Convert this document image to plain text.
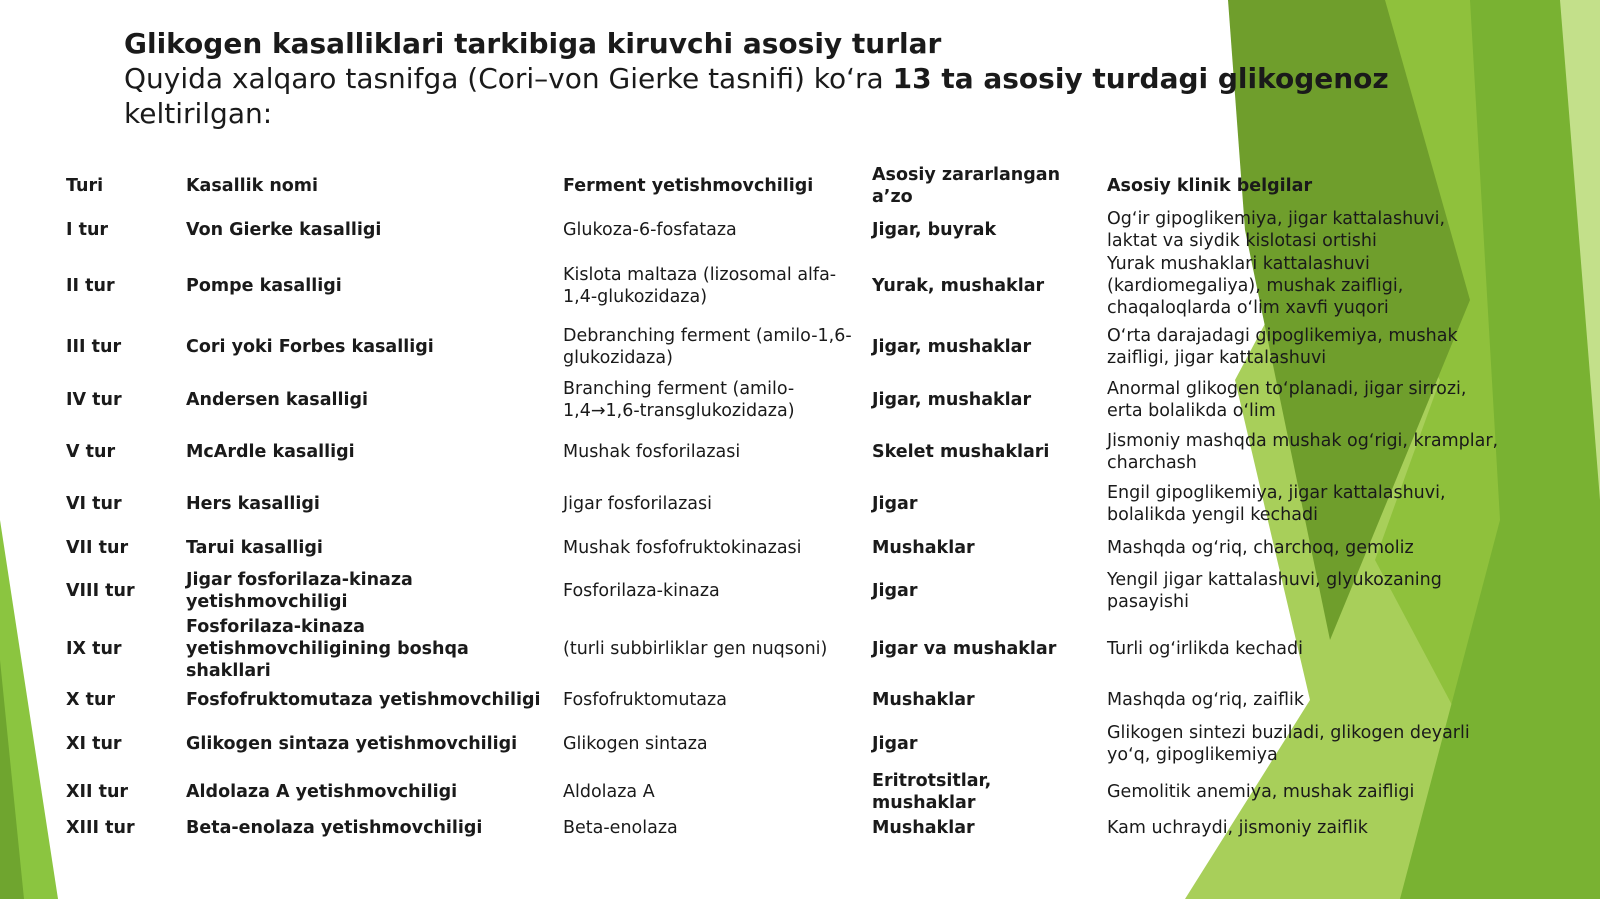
Glikogen kasalliklari tarkibiga kiruvchi asosiy turlar
Quyida xalqaro tasnifga (Cori–von Gierke tasnifi) koʻra 13 ta asosiy turdagi glikogenoz keltirilgan:
Turi	Kasallik nomi	Ferment yetishmovchiligi	Asosiy zararlangan aʼzo	Asosiy klinik belgilar
I tur	Von Gierke kasalligi	Glukoza-6-fosfataza	Jigar, buyrak	Ogʻir gipoglikemiya, jigar kattalashuvi, laktat va siydik kislotasi ortishi
II tur	Pompe kasalligi	Kislota maltaza (lizosomal alfa-1,4-glukozidaza)	Yurak, mushaklar	Yurak mushaklari kattalashuvi (kardiomegaliya), mushak zaifligi, chaqaloqlarda oʻlim xavfi yuqori
III tur	Cori yoki Forbes kasalligi	Debranching ferment (amilo-1,6-glukozidaza)	Jigar, mushaklar	Oʻrta darajadagi gipoglikemiya, mushak zaifligi, jigar kattalashuvi
IV tur	Andersen kasalligi	Branching ferment (amilo-1,4→1,6-transglukozidaza)	Jigar, mushaklar	Anormal glikogen toʻplanadi, jigar sirrozi, erta bolalikda oʻlim
V tur	McArdle kasalligi	Mushak fosforilazasi	Skelet mushaklari	Jismoniy mashqda mushak ogʻrigi, kramplar, charchash
VI tur	Hers kasalligi	Jigar fosforilazasi	Jigar	Engil gipoglikemiya, jigar kattalashuvi, bolalikda yengil kechadi
VII tur	Tarui kasalligi	Mushak fosfofruktokinazasi	Mushaklar	Mashqda ogʻriq, charchoq, gemoliz
VIII tur	Jigar fosforilaza-kinaza yetishmovchiligi	Fosforilaza-kinaza	Jigar	Yengil jigar kattalashuvi, glyukozaning pasayishi
IX tur	Fosforilaza-kinaza yetishmovchiligining boshqa shakllari	(turli subbirliklar gen nuqsoni)	Jigar va mushaklar	Turli ogʻirlikda kechadi
X tur	Fosfofruktomutaza yetishmovchiligi	Fosfofruktomutaza	Mushaklar	Mashqda ogʻriq, zaiflik
XI tur	Glikogen sintaza yetishmovchiligi	Glikogen sintaza	Jigar	Glikogen sintezi buziladi, glikogen deyarli yoʻq, gipoglikemiya
XII tur	Aldolaza A yetishmovchiligi	Aldolaza A	Eritrotsitlar, mushaklar	Gemolitik anemiya, mushak zaifligi
XIII tur	Beta-enolaza yetishmovchiligi	Beta-enolaza	Mushaklar	Kam uchraydi, jismoniy zaiflik
